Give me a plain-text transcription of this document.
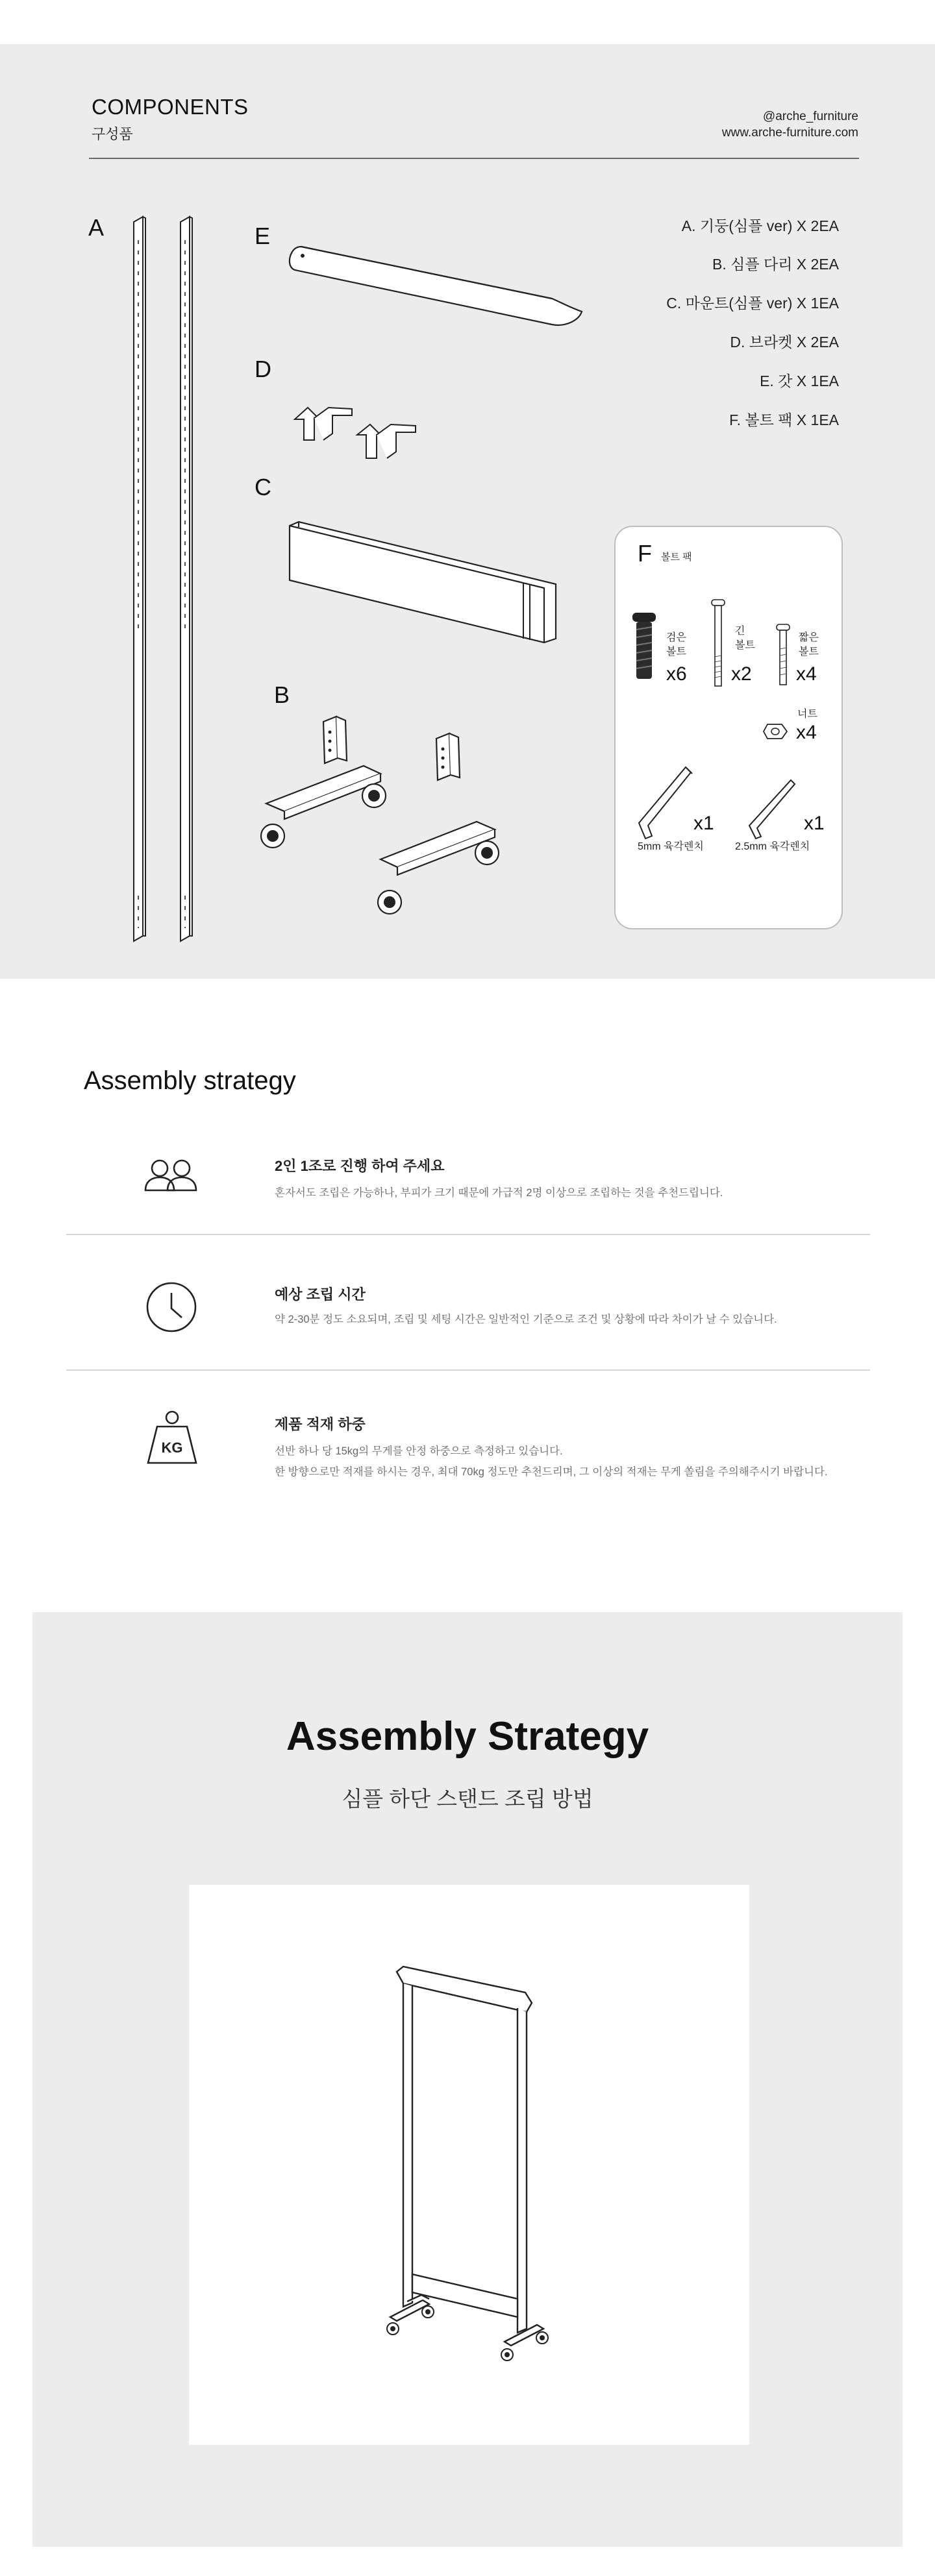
COMPONENTS
구성품
@arche_furniture
www.arche-furniture.com
A	E
D
C
B
A. 기둥(심플 ver) X 2EA
B. 심플 다리 X 2EA
C. 마운트(심플 ver) X 1EA
D. 브라켓 X 2EA
E. 갓 X 1EA
F. 볼트 팩 X 1EA
F 볼트 팩
검은
볼트
x6
긴
볼트
x2
짧은
볼트
x4
너트
x4
x1
5mm 육각렌치
x1
2.5mm 육각렌치
Assembly strategy
2인 1조로 진행 하여 주세요
혼자서도 조립은 가능하나, 부피가 크기 때문에 가급적 2명 이상으로 조립하는 것을 추천드립니다.
예상 조립 시간
약 2-30분 정도 소요되며, 조립 및 세팅 시간은 일반적인 기준으로 조건 및 상황에 따라 차이가 날 수 있습니다.
KG
제품 적재 하중
선반 하나 당 15kg의 무게를 안정 하중으로 측정하고 있습니다.
한 방향으로만 적재를 하시는 경우, 최대 70kg 정도만 추천드리며, 그 이상의 적재는 무게 쏠림을 주의해주시기 바랍니다.
Assembly Strategy
심플 하단 스탠드 조립 방법
